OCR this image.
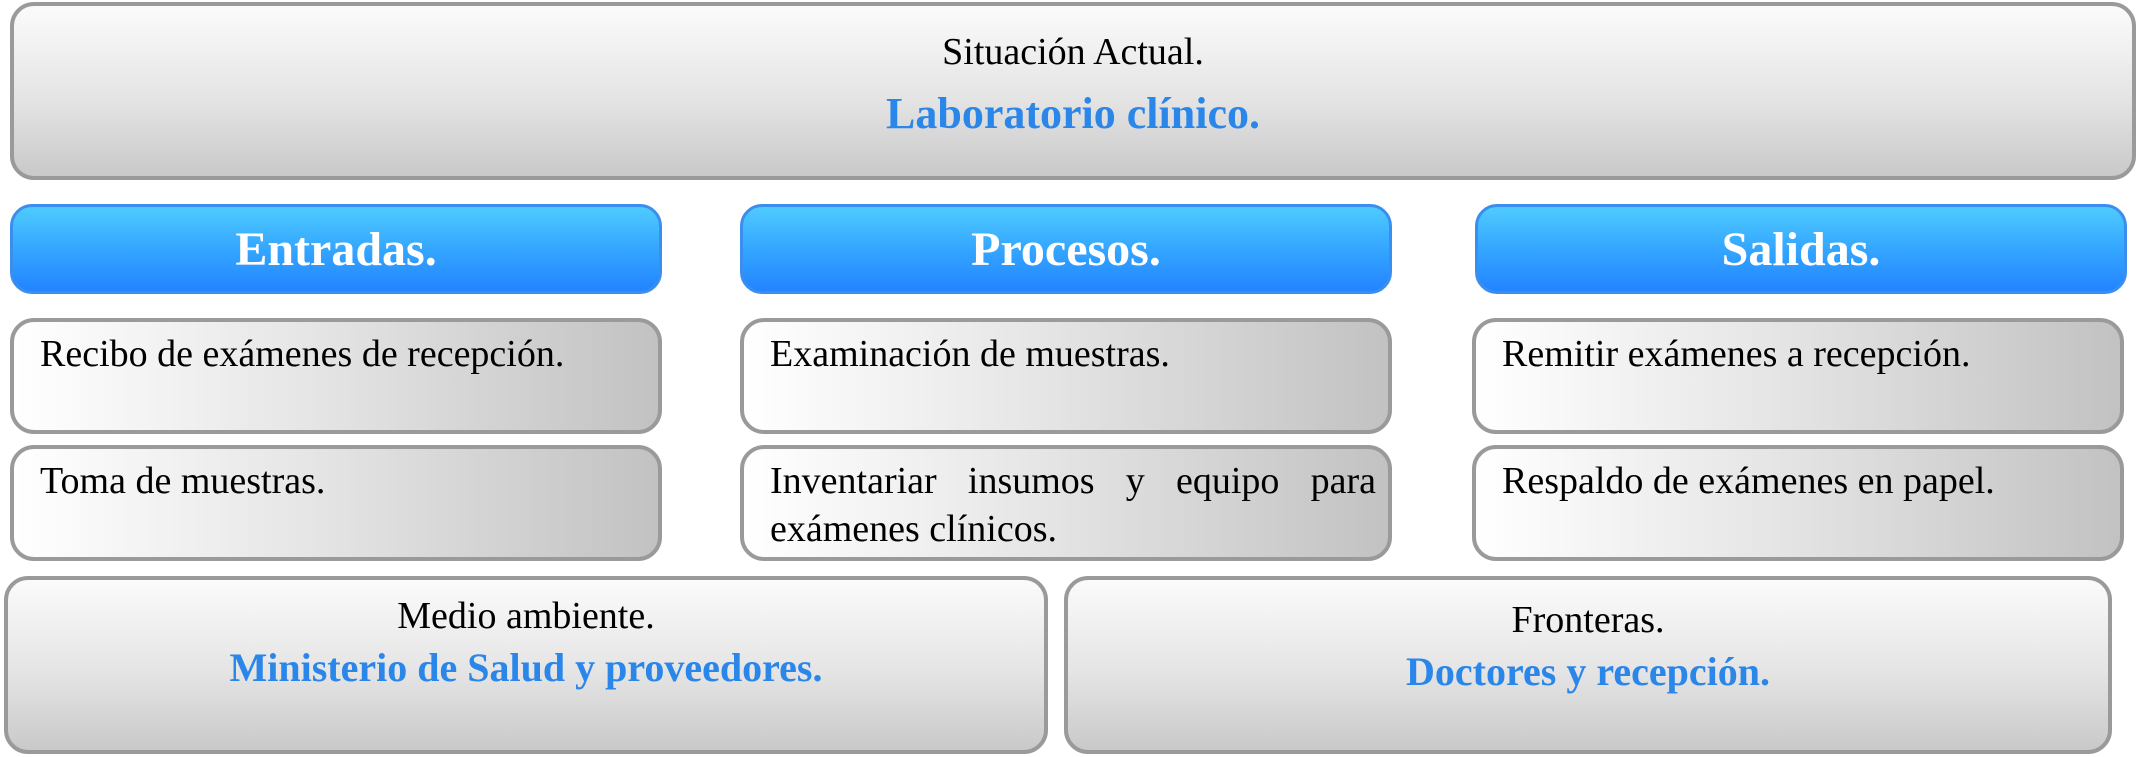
Situación Actual.
Laboratorio clínico.
Entradas.	Procesos.	Salidas.
Recibo de exámenes de recepción.
Toma de muestras.
Examinación de muestras.
Inventariar insumos y equipo para exámenes clínicos.
Remitir exámenes a recepción.
Respaldo de exámenes en papel.
Medio ambiente.
Ministerio de Salud y proveedores.
Fronteras.
Doctores y recepción.
